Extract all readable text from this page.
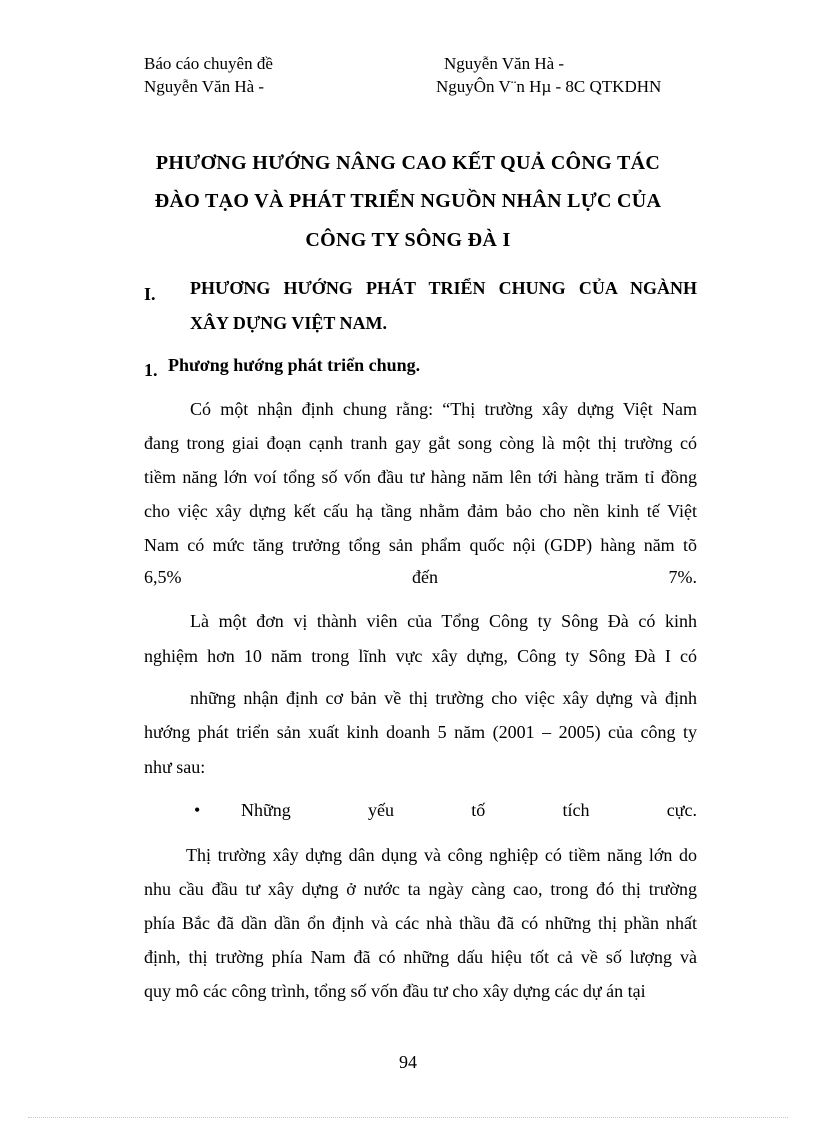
Báo cáo chuyên đề	Nguyễn Văn Hà -
Nguyễn Văn Hà -	NguyÔn V¨n Hµ - 8C QTKDHN
PHƯƠNG HƯỚNG NÂNG CAO KẾT QUẢ CÔNG TÁC
ĐÀO TẠO VÀ PHÁT TRIỂN NGUỒN NHÂN LỰC CỦA
CÔNG TY SÔNG ĐÀ I
I. PHƯƠNG HƯỚNG PHÁT TRIỂN CHUNG CỦA NGÀNH
XÂY DỰNG VIỆT NAM.
1. Phương hướng phát triển chung.
Có một nhận định chung rằng: “Thị trường xây dựng Việt Nam
đang trong giai đoạn cạnh tranh gay gắt song còng là một thị trường có
tiềm năng lớn voí tổng số vốn đầu tư hàng năm lên tới hàng trăm tỉ đồng
cho việc xây dựng kết cấu hạ tầng nhằm đảm bảo cho nền kinh tế Việt
Nam có mức tăng trưởng tổng sản phẩm quốc nội (GDP) hàng năm tõ
6,5%	đến	7%.
Là một đơn vị thành viên của Tổng Công ty Sông Đà có kinh
nghiệm hơn 10 năm trong lĩnh vực xây dựng, Công ty Sông Đà I có
những nhận định cơ bản về thị trường cho việc xây dựng và định
hướng phát triển sản xuất kinh doanh 5 năm (2001 – 2005) của công ty
như sau:
• Những	yếu	tố	tích	cực.
Thị trường xây dựng dân dụng và công nghiệp có tiềm năng lớn do
nhu cầu đầu tư xây dựng ở nước ta ngày càng cao, trong đó thị trường
phía Bắc đã dần dần ổn định và các nhà thầu đã có những thị phần nhất
định, thị trường phía Nam đã có những dấu hiệu tốt cả về số lượng và
quy mô các công trình, tổng số vốn đầu tư cho xây dựng các dự án tại
94
